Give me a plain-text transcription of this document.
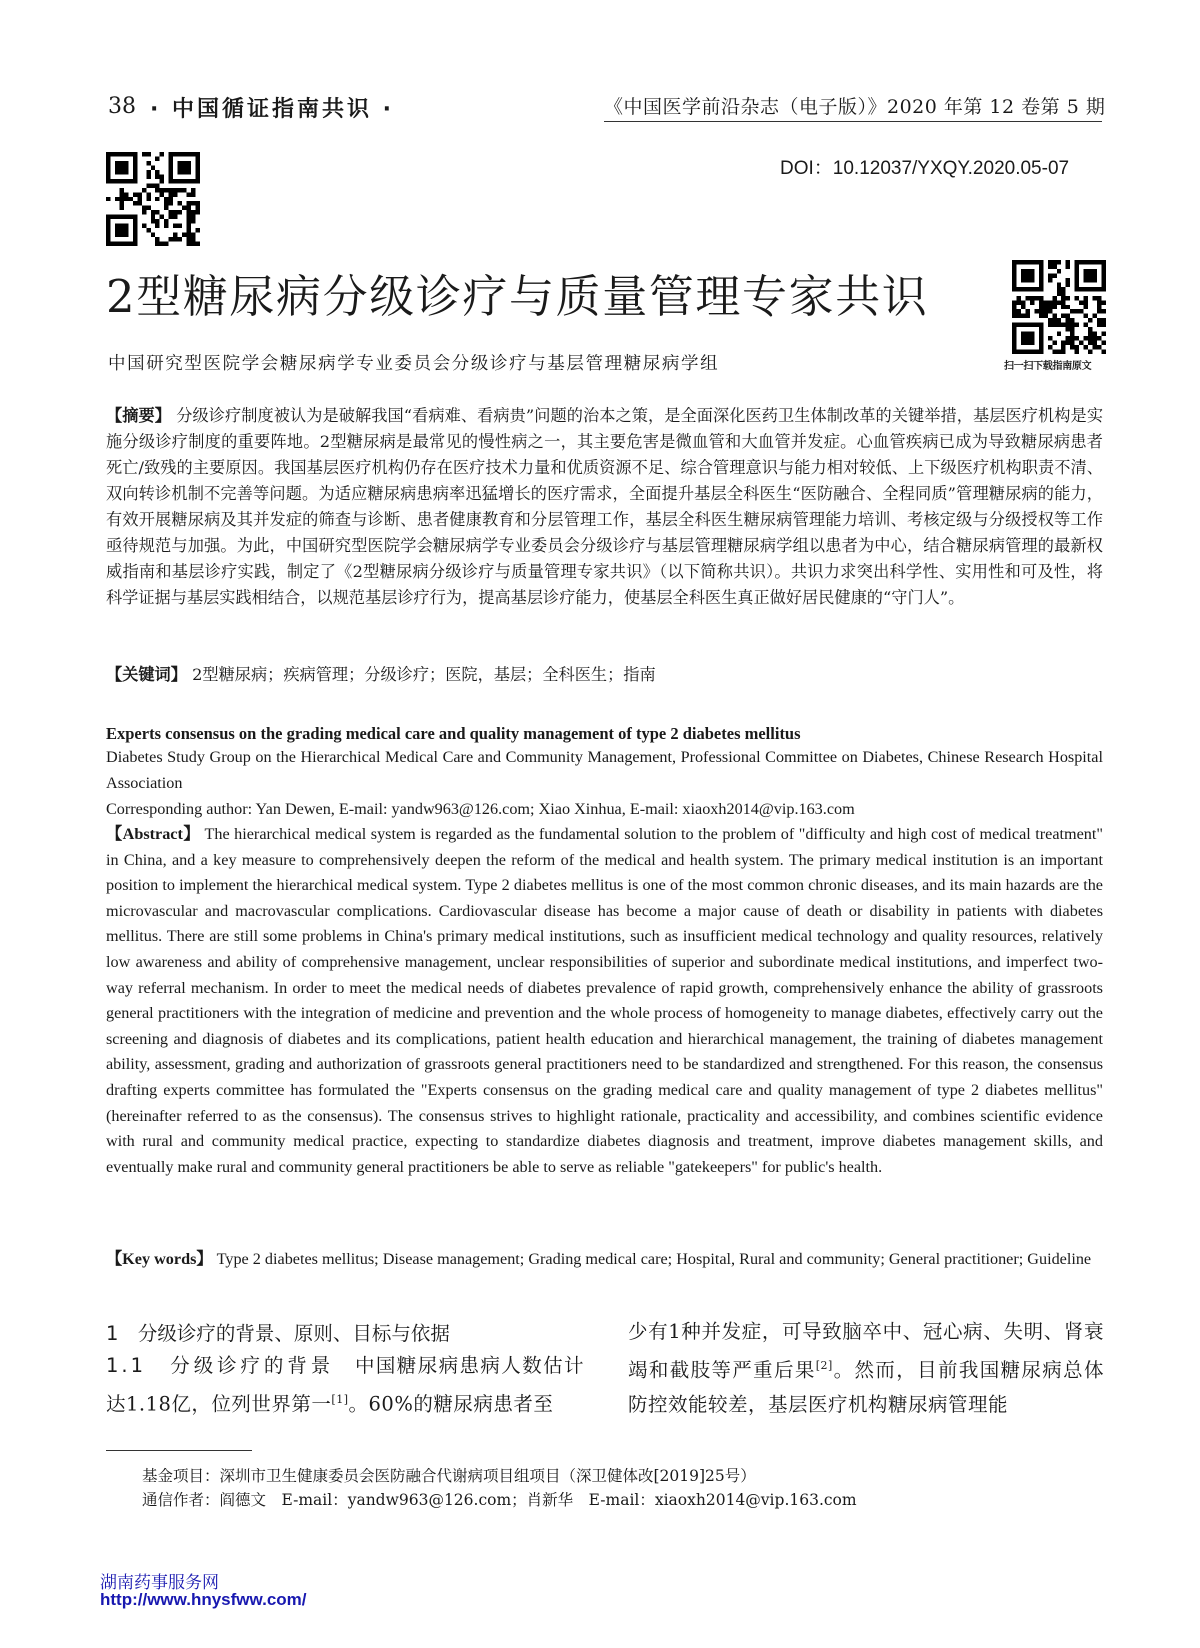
38 · 中国循证指南共识 ·	《中国医学前沿杂志（电子版）》2020 年第 12 卷第 5 期
DOI：10.12037/YXQY.2020.05-07
扫一扫下载指南原文
2型糖尿病分级诊疗与质量管理专家共识
中国研究型医院学会糖尿病学专业委员会分级诊疗与基层管理糖尿病学组
【摘要】 分级诊疗制度被认为是破解我国“看病难、看病贵”问题的治本之策，是全面深化医药卫生体制改革的关键举措，基层医疗机构是实施分级诊疗制度的重要阵地。2型糖尿病是最常见的慢性病之一，其主要危害是微血管和大血管并发症。心血管疾病已成为导致糖尿病患者死亡/致残的主要原因。我国基层医疗机构仍存在医疗技术力量和优质资源不足、综合管理意识与能力相对较低、上下级医疗机构职责不清、双向转诊机制不完善等问题。为适应糖尿病患病率迅猛增长的医疗需求，全面提升基层全科医生“医防融合、全程同质”管理糖尿病的能力，有效开展糖尿病及其并发症的筛查与诊断、患者健康教育和分层管理工作，基层全科医生糖尿病管理能力培训、考核定级与分级授权等工作亟待规范与加强。为此，中国研究型医院学会糖尿病学专业委员会分级诊疗与基层管理糖尿病学组以患者为中心，结合糖尿病管理的最新权威指南和基层诊疗实践，制定了《2型糖尿病分级诊疗与质量管理专家共识》（以下简称共识）。共识力求突出科学性、实用性和可及性，将科学证据与基层实践相结合，以规范基层诊疗行为，提高基层诊疗能力，使基层全科医生真正做好居民健康的“守门人”。
【关键词】 2型糖尿病；疾病管理；分级诊疗；医院，基层；全科医生；指南
Experts consensus on the grading medical care and quality management of type 2 diabetes mellitus
Diabetes Study Group on the Hierarchical Medical Care and Community Management, Professional Committee on Diabetes, Chinese Research Hospital Association
Corresponding author: Yan Dewen, E-mail: yandw963@126.com; Xiao Xinhua, E-mail: xiaoxh2014@vip.163.com
【Abstract】 The hierarchical medical system is regarded as the fundamental solution to the problem of "difficulty and high cost of medical treatment" in China, and a key measure to comprehensively deepen the reform of the medical and health system. The primary medical institution is an important position to implement the hierarchical medical system. Type 2 diabetes mellitus is one of the most common chronic diseases, and its main hazards are the microvascular and macrovascular complications. Cardiovascular disease has become a major cause of death or disability in patients with diabetes mellitus. There are still some problems in China's primary medical institutions, such as insufficient medical technology and quality resources, relatively low awareness and ability of comprehensive management, unclear responsibilities of superior and subordinate medical institutions, and imperfect two-way referral mechanism. In order to meet the medical needs of diabetes prevalence of rapid growth, comprehensively enhance the ability of grassroots general practitioners with the integration of medicine and prevention and the whole process of homogeneity to manage diabetes, effectively carry out the screening and diagnosis of diabetes and its complications, patient health education and hierarchical management, the training of diabetes management ability, assessment, grading and authorization of grassroots general practitioners need to be standardized and strengthened. For this reason, the consensus drafting experts committee has formulated the "Experts consensus on the grading medical care and quality management of type 2 diabetes mellitus" (hereinafter referred to as the consensus). The consensus strives to highlight rationale, practicality and accessibility, and combines scientific evidence with rural and community medical practice, expecting to standardize diabetes diagnosis and treatment, improve diabetes management skills, and eventually make rural and community general practitioners be able to serve as reliable "gatekeepers" for public's health.
【Key words】 Type 2 diabetes mellitus; Disease management; Grading medical care; Hospital, Rural and community; General practitioner; Guideline
1　分级诊疗的背景、原则、目标与依据
1.1　分级诊疗的背景　中国糖尿病患病人数估计达1.18亿，位列世界第一[1]。60%的糖尿病患者至
少有1种并发症，可导致脑卒中、冠心病、失明、肾衰竭和截肢等严重后果[2]。然而，目前我国糖尿病总体防控效能较差，基层医疗机构糖尿病管理能
基金项目：深圳市卫生健康委员会医防融合代谢病项目组项目（深卫健体改[2019]25号）
通信作者：阎德文　E-mail：yandw963@126.com；肖新华　E-mail：xiaoxh2014@vip.163.com
湖南药事服务网
http://www.hnysfww.com/
